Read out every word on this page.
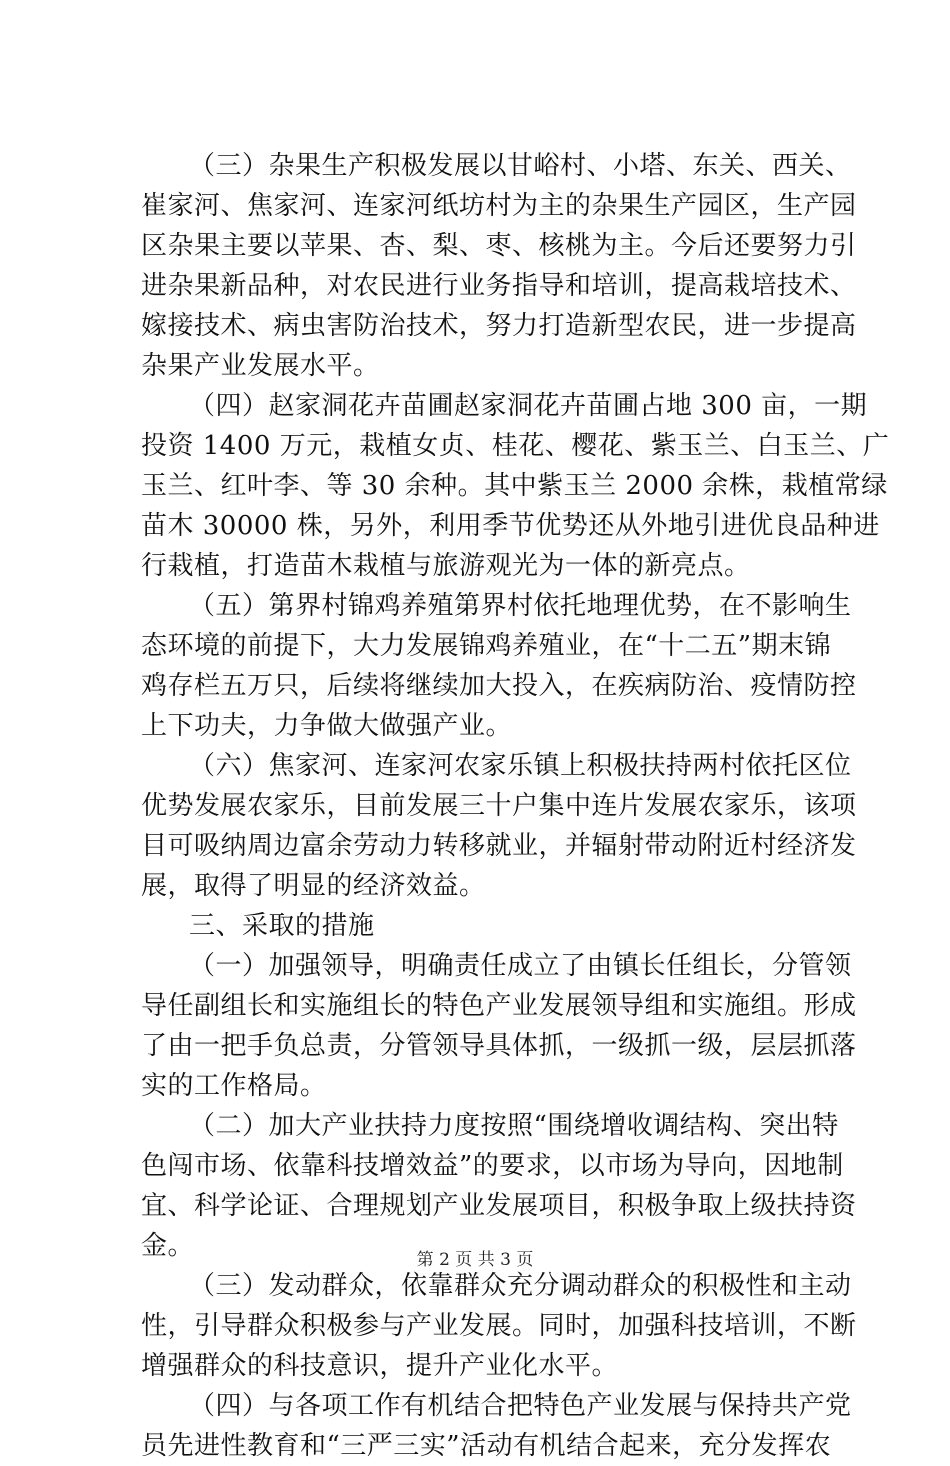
（三）杂果生产积极发展以甘峪村、小塔、东关、西关、
崔家河、焦家河、连家河纸坊村为主的杂果生产园区，生产园
区杂果主要以苹果、杏、梨、枣、核桃为主。今后还要努力引
进杂果新品种，对农民进行业务指导和培训，提高栽培技术、
嫁接技术、病虫害防治技术，努力打造新型农民，进一步提高
杂果产业发展水平。
（四）赵家洞花卉苗圃赵家洞花卉苗圃占地 300 亩，一期
投资 1400 万元，栽植女贞、桂花、樱花、紫玉兰、白玉兰、广
玉兰、红叶李、等 30 余种。其中紫玉兰 2000 余株，栽植常绿
苗木 30000 株，另外，利用季节优势还从外地引进优良品种进
行栽植，打造苗木栽植与旅游观光为一体的新亮点。
（五）第界村锦鸡养殖第界村依托地理优势，在不影响生
态环境的前提下，大力发展锦鸡养殖业，在“十二五”期末锦
鸡存栏五万只，后续将继续加大投入，在疾病防治、疫情防控
上下功夫，力争做大做强产业。
（六）焦家河、连家河农家乐镇上积极扶持两村依托区位
优势发展农家乐，目前发展三十户集中连片发展农家乐，该项
目可吸纳周边富余劳动力转移就业，并辐射带动附近村经济发
展，取得了明显的经济效益。
三、采取的措施
（一）加强领导，明确责任成立了由镇长任组长，分管领
导任副组长和实施组长的特色产业发展领导组和实施组。形成
了由一把手负总责，分管领导具体抓，一级抓一级，层层抓落
实的工作格局。
（二）加大产业扶持力度按照“围绕增收调结构、突出特
色闯市场、依靠科技增效益”的要求，以市场为导向，因地制
宜、科学论证、合理规划产业发展项目，积极争取上级扶持资
金。
（三）发动群众，依靠群众充分调动群众的积极性和主动
性，引导群众积极参与产业发展。同时，加强科技培训，不断
增强群众的科技意识，提升产业化水平。
（四）与各项工作有机结合把特色产业发展与保持共产党
员先进性教育和“三严三实”活动有机结合起来，充分发挥农
第 2 页 共 3 页
